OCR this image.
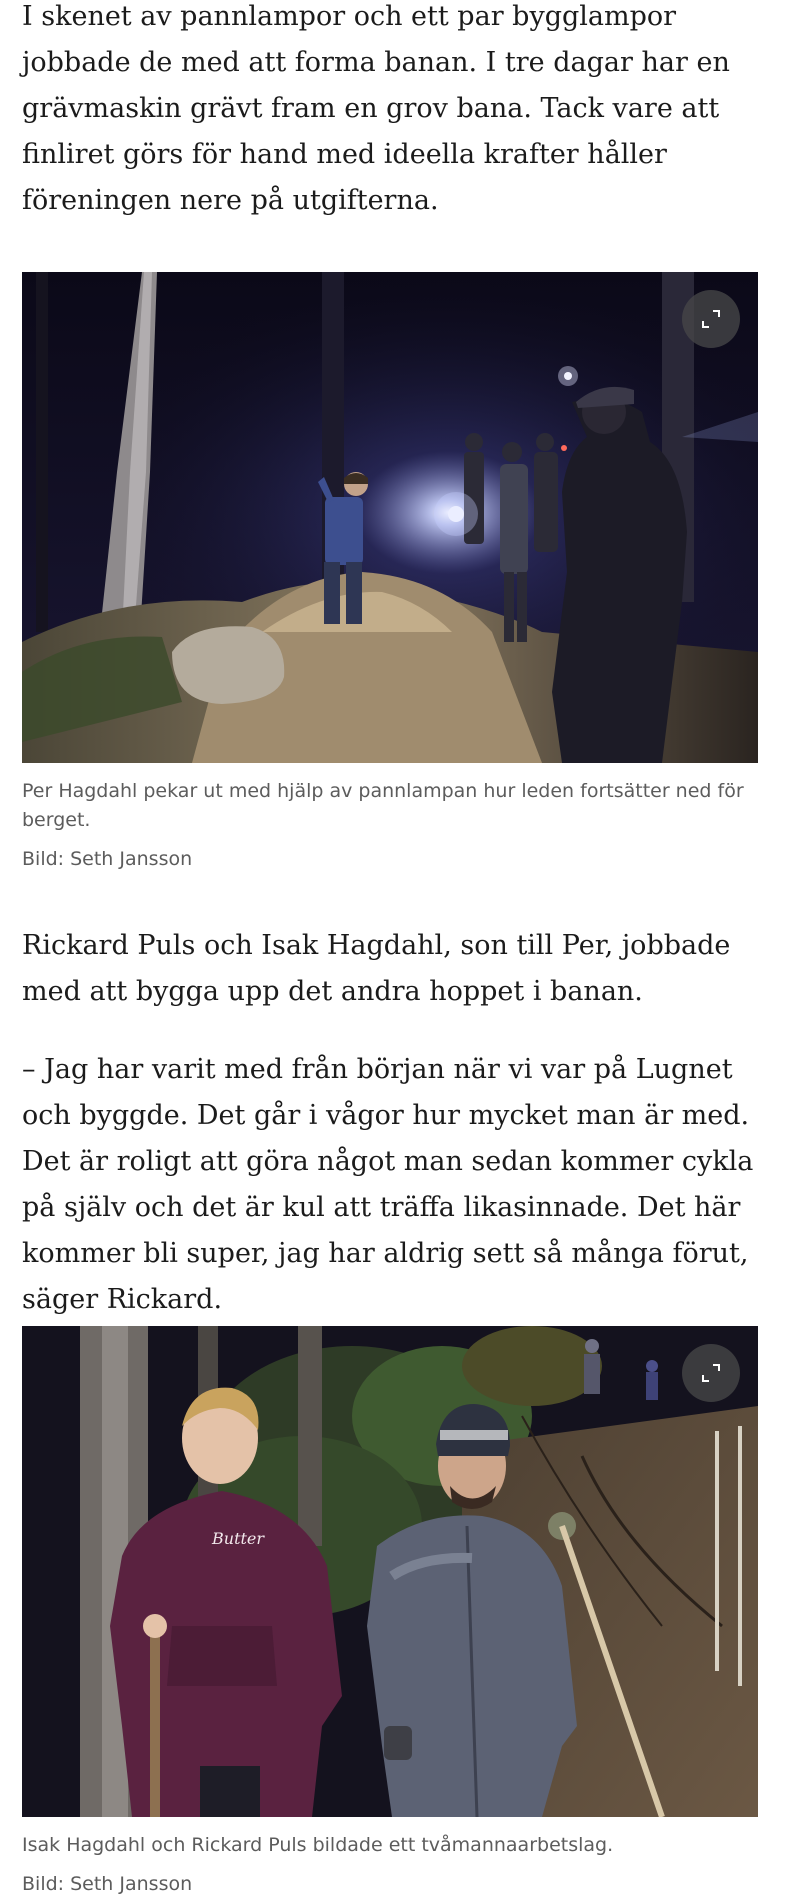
I skenet av pannlampor och ett par bygglampor jobbade de med att forma banan. I tre dagar har en grävmaskin grävt fram en grov bana. Tack vare att finliret görs för hand med ideella krafter håller föreningen nere på utgifterna.

Per Hagdahl pekar ut med hjälp av pannlampan hur leden fortsätter ned för berget.

Bild: Seth Jansson

Rickard Puls och Isak Hagdahl, son till Per, jobbade med att bygga upp det andra hoppet i banan.

– Jag har varit med från början när vi var på Lugnet och byggde. Det går i vågor hur mycket man är med. Det är roligt att göra något man sedan kommer cykla på själv och det är kul att träffa likasinnade. Det här kommer bli super, jag har aldrig sett så många förut, säger Rickard.

Butter

Isak Hagdahl och Rickard Puls bildade ett tvåmannaarbetslag.

Bild: Seth Jansson
